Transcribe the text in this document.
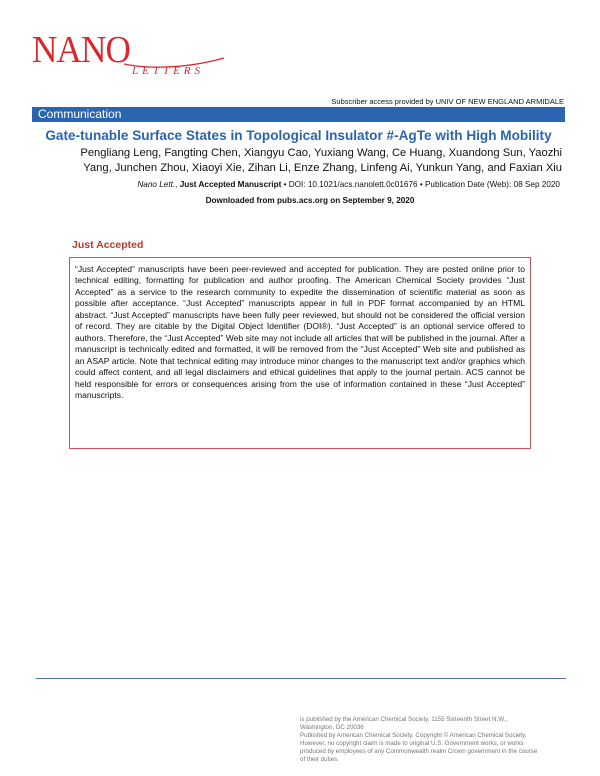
NANO LETTERS
Subscriber access provided by UNIV OF NEW ENGLAND ARMIDALE
Communication
Gate-tunable Surface States in Topological Insulator #-AgTe with High Mobility
Pengliang Leng, Fangting Chen, Xiangyu Cao, Yuxiang Wang, Ce Huang, Xuandong Sun, Yaozhi
Yang, Junchen Zhou, Xiaoyi Xie, Zihan Li, Enze Zhang, Linfeng Ai, Yunkun Yang, and Faxian Xiu
Nano Lett., Just Accepted Manuscript • DOI: 10.1021/acs.nanolett.0c01676 • Publication Date (Web): 08 Sep 2020
Downloaded from pubs.acs.org on September 9, 2020
Just Accepted

“Just Accepted” manuscripts have been peer-reviewed and accepted for publication. They are posted online prior to technical editing, formatting for publication and author proofing. The American Chemical Society provides “Just Accepted” as a service to the research community to expedite the dissemination of scientific material as soon as possible after acceptance. “Just Accepted” manuscripts appear in full in PDF format accompanied by an HTML abstract. “Just Accepted” manuscripts have been fully peer reviewed, but should not be considered the official version of record. They are citable by the Digital Object Identifier (DOI®). “Just Accepted” is an optional service offered to authors. Therefore, the “Just Accepted” Web site may not include all articles that will be published in the journal. After a manuscript is technically edited and formatted, it will be removed from the “Just Accepted” Web site and published as an ASAP article. Note that technical editing may introduce minor changes to the manuscript text and/or graphics which could affect content, and all legal disclaimers and ethical guidelines that apply to the journal pertain. ACS cannot be held responsible for errors or consequences arising from the use of information contained in these “Just Accepted” manuscripts.

is published by the American Chemical Society. 1155 Sixteenth Street N.W.,
Washington, DC 20036
Published by American Chemical Society. Copyright © American Chemical Society.
However, no copyright claim is made to original U.S. Government works, or works
produced by employees of any Commonwealth realm Crown government in the course
of their duties.
